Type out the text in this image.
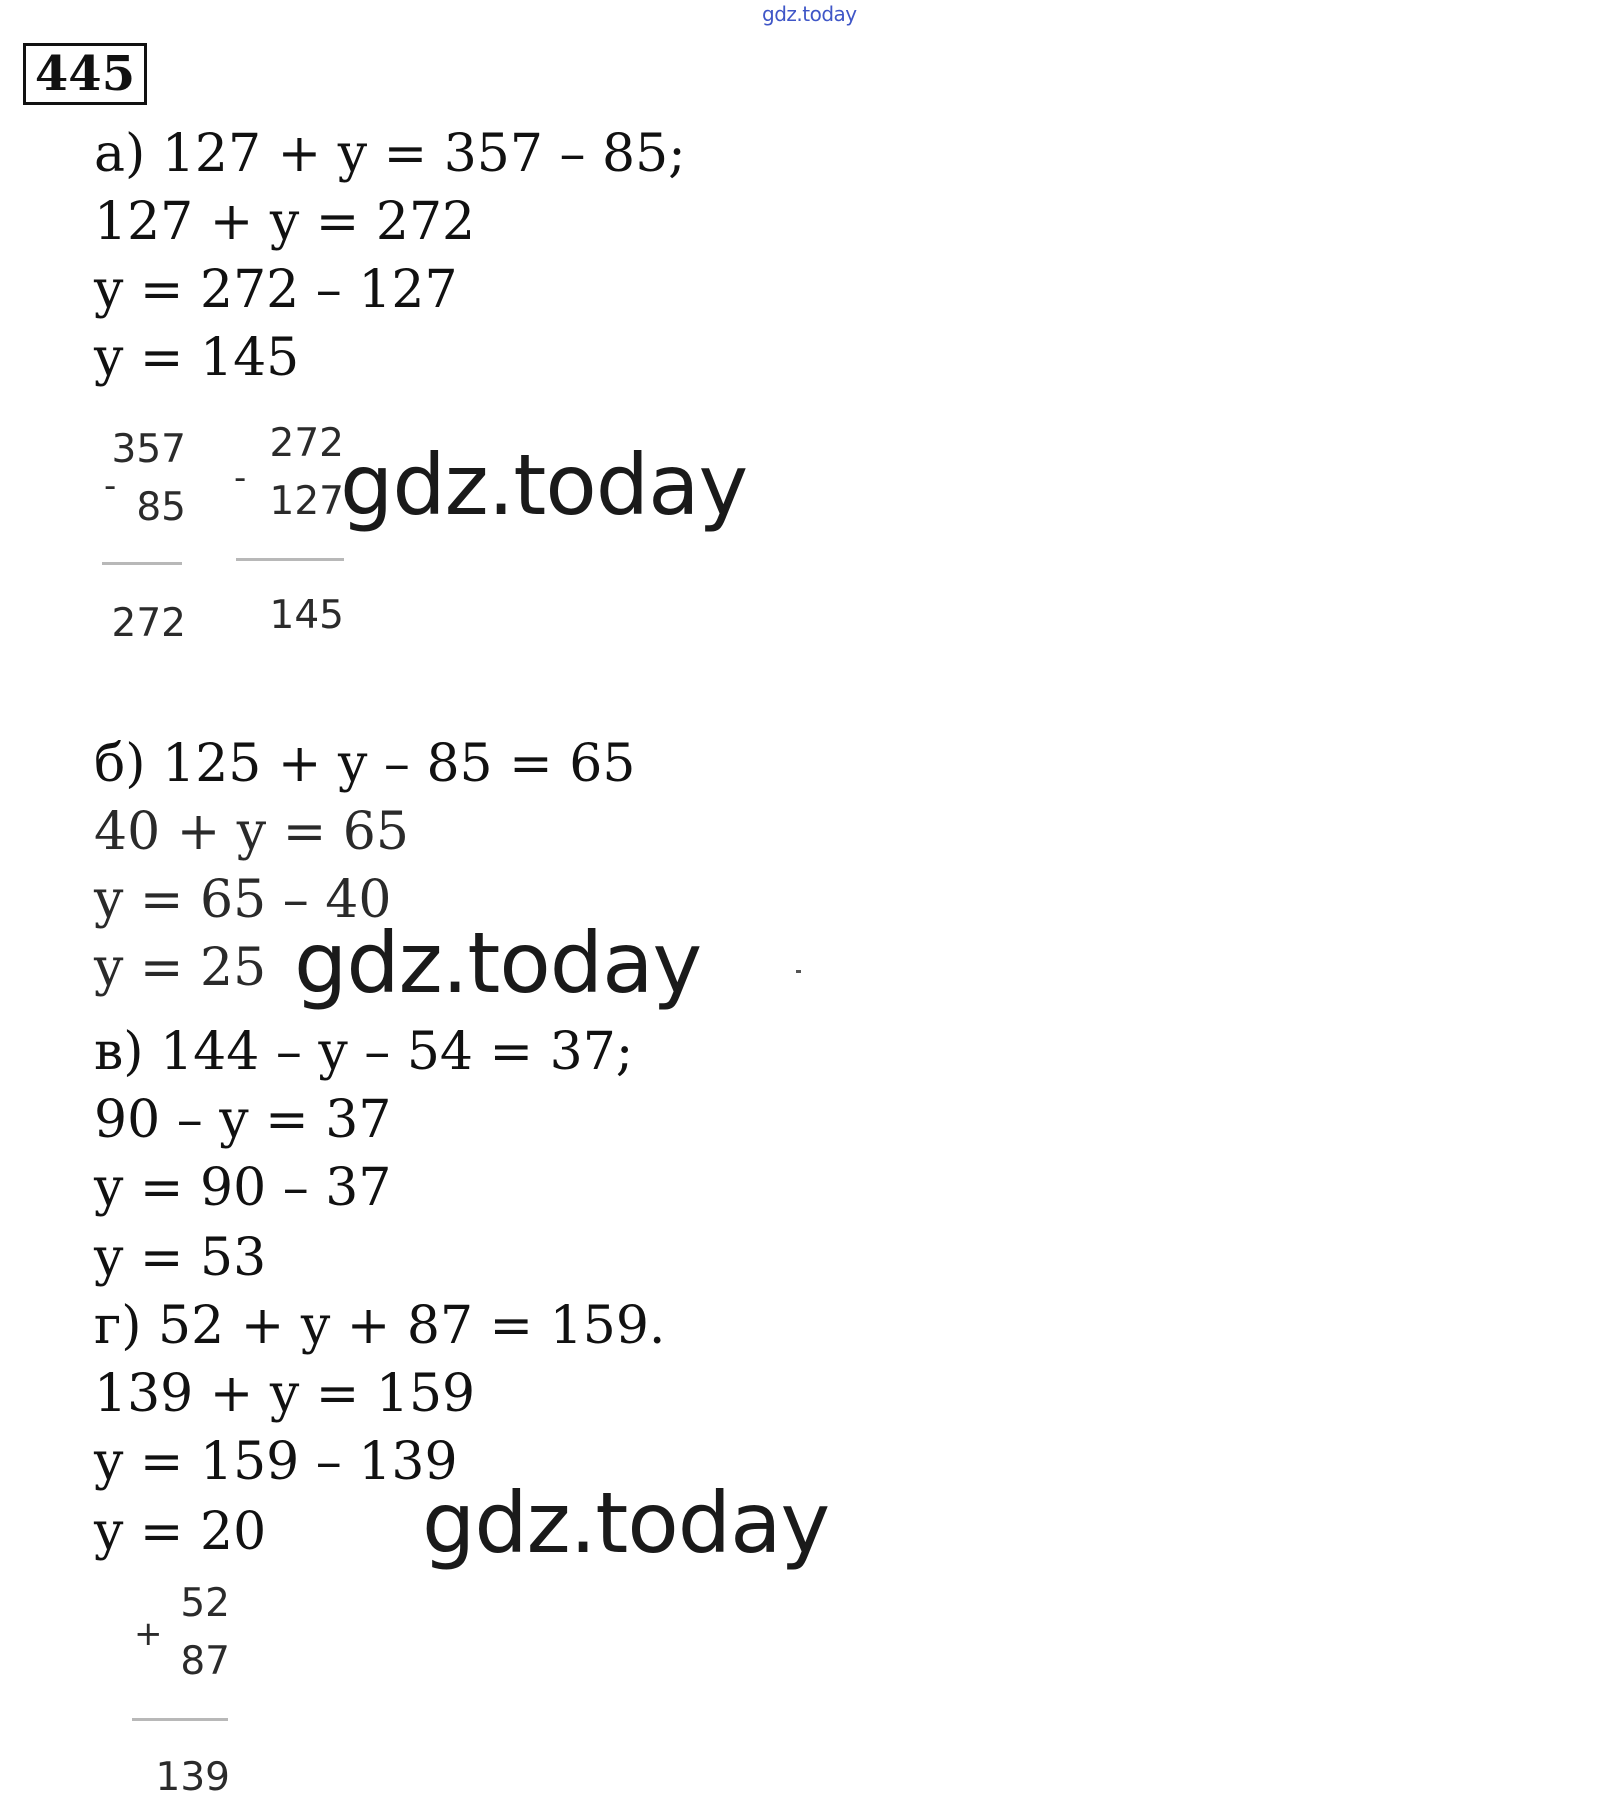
gdz.today
445
а) 127 + y = 357 – 85;
127 + y = 272
y = 272 – 127
y = 145
-
357
85
272
-
272
127
145
gdz.today
б) 125 + y – 85 = 65
40 + y = 65
y = 65 – 40
y = 25 gdz.today
в) 144 – y – 54 = 37;
90 – y = 37
y = 90 – 37
y = 53
г) 52 + y + 87 = 159.
139 + y = 159
y = 159 – 139
y = 20 gdz.today
+
52
87
139
